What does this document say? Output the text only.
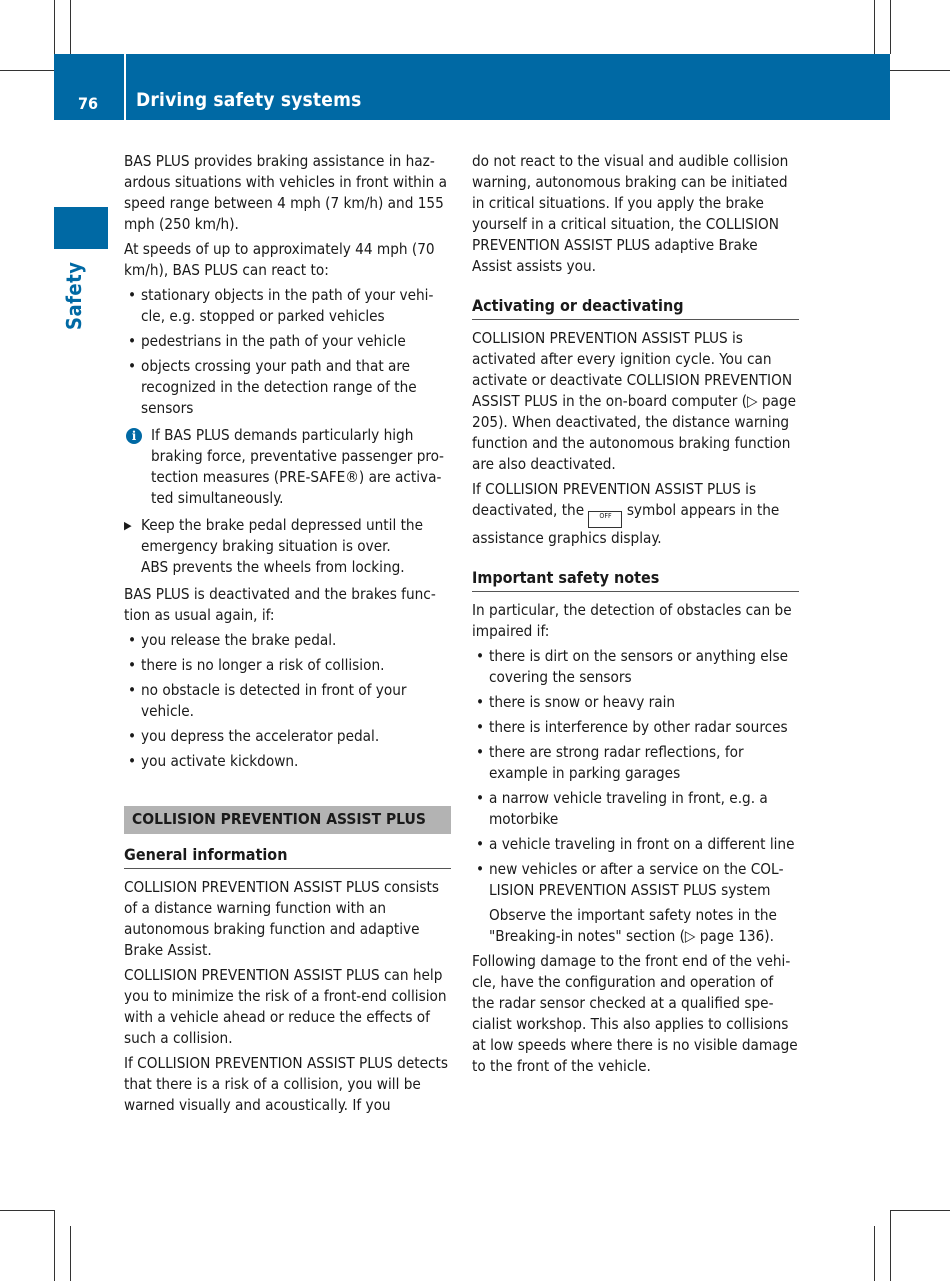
76	Driving safety systems
Safety

BAS PLUS provides braking assistance in hazardous situations with vehicles in front within a speed range between 4 mph (7 km/h) and 155 mph (250 km/h).

At speeds of up to approximately 44 mph (70 km/h), BAS PLUS can react to:

• stationary objects in the path of your vehicle, e.g. stopped or parked vehicles
• pedestrians in the path of your vehicle
• objects crossing your path and that are recognized in the detection range of the sensors
i If BAS PLUS demands particularly high braking force, preventative passenger protection measures (PRE-SAFE®) are activated simultaneously.
▶ Keep the brake pedal depressed until the emergency braking situation is over.
ABS prevents the wheels from locking.

BAS PLUS is deactivated and the brakes function as usual again, if:

• you release the brake pedal.
• there is no longer a risk of collision.
• no obstacle is detected in front of your vehicle.
• you depress the accelerator pedal.
• you activate kickdown.
COLLISION PREVENTION ASSIST PLUS
General information

COLLISION PREVENTION ASSIST PLUS consists of a distance warning function with an autonomous braking function and adaptive Brake Assist.

COLLISION PREVENTION ASSIST PLUS can help you to minimize the risk of a front-end collision with a vehicle ahead or reduce the effects of such a collision.

If COLLISION PREVENTION ASSIST PLUS detects that there is a risk of a collision, you will be warned visually and acoustically. If you

do not react to the visual and audible collision warning, autonomous braking can be initiated in critical situations. If you apply the brake yourself in a critical situation, the COLLISION PREVENTION ASSIST PLUS adaptive Brake Assist assists you.

Activating or deactivating

COLLISION PREVENTION ASSIST PLUS is activated after every ignition cycle. You can activate or deactivate COLLISION PREVENTION ASSIST PLUS in the on-board computer (▷ page 205). When deactivated, the distance warning function and the autonomous braking function are also deactivated.

If COLLISION PREVENTION ASSIST PLUS is deactivated, the OFF symbol appears in the assistance graphics display.

Important safety notes

In particular, the detection of obstacles can be impaired if:

• there is dirt on the sensors or anything else covering the sensors
• there is snow or heavy rain
• there is interference by other radar sources
• there are strong radar reflections, for example in parking garages
• a narrow vehicle traveling in front, e.g. a motorbike
• a vehicle traveling in front on a different line
• new vehicles or after a service on the COLLISION PREVENTION ASSIST PLUS system

Observe the important safety notes in the "Breaking-in notes" section (▷ page 136).

Following damage to the front end of the vehicle, have the configuration and operation of the radar sensor checked at a qualified specialist workshop. This also applies to collisions at low speeds where there is no visible damage to the front of the vehicle.
